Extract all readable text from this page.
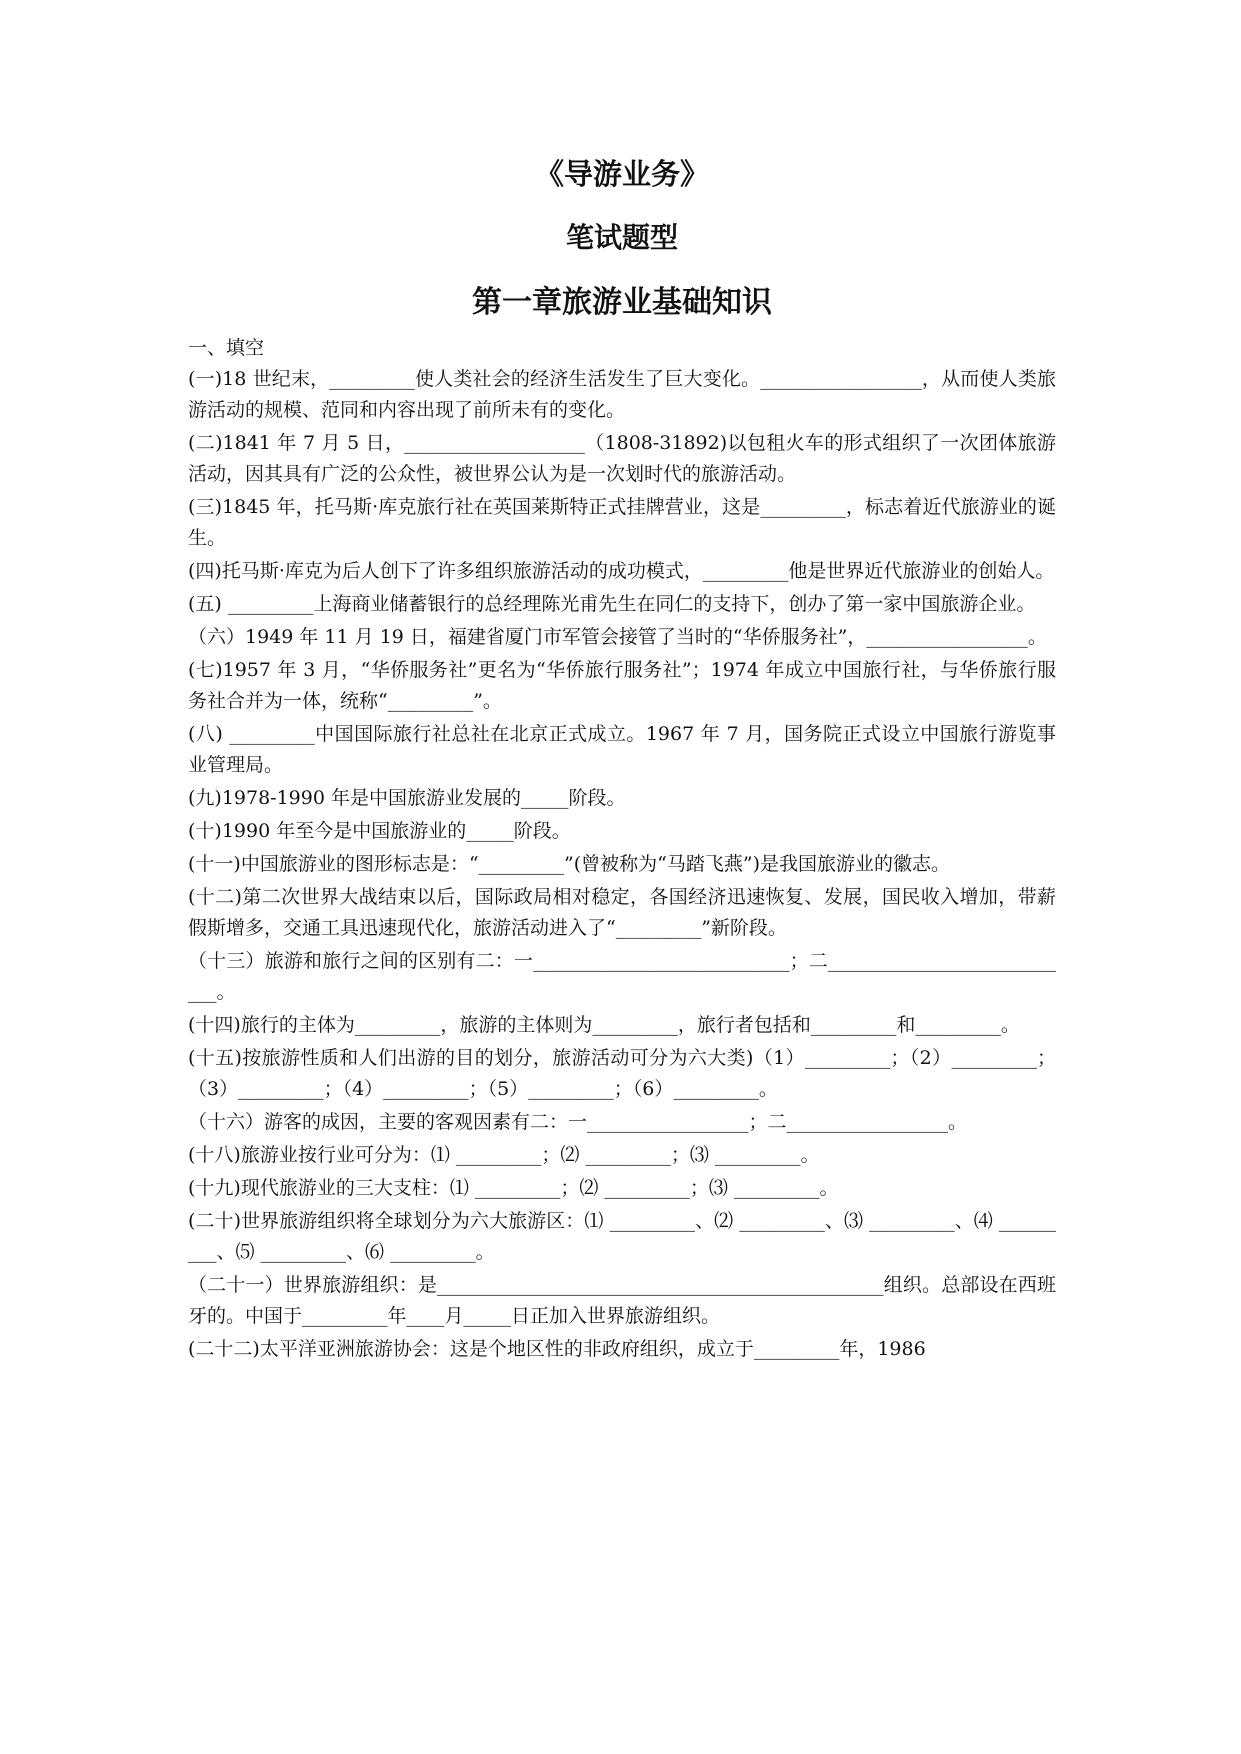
《导游业务》
笔试题型
第一章旅游业基础知识
一、填空

(一)18 世纪末，_________使人类社会的经济生活发生了巨大变化。_________________，从而使人类旅游活动的规模、范同和内容出现了前所未有的变化。

(二)1841 年 7 月 5 日，___________________（1808-31892)以包租火车的形式组织了一次团体旅游活动，因其具有广泛的公众性，被世界公认为是一次划时代的旅游活动。

(三)1845 年，托马斯·库克旅行社在英国莱斯特正式挂牌营业，这是_________，标志着近代旅游业的诞生。

(四)托马斯·库克为后人创下了许多组织旅游活动的成功模式，_________他是世界近代旅游业的创始人。

(五) _________上海商业储蓄银行的总经理陈光甫先生在同仁的支持下，创办了第一家中国旅游企业。

（六）1949 年 11 月 19 日，福建省厦门市军管会接管了当时的“华侨服务社”，_________________。

(七)1957 年 3 月，“华侨服务社”更名为“华侨旅行服务社”；1974 年成立中国旅行社，与华侨旅行服务社合并为一体，统称“_________”。

(八) _________中国国际旅行社总社在北京正式成立。1967 年 7 月，国务院正式设立中国旅行游览事业管理局。

(九)1978-1990 年是中国旅游业发展的_____阶段。

(十)1990 年至今是中国旅游业的_____阶段。

(十一)中国旅游业的图形标志是：“_________”(曾被称为“马踏飞燕”)是我国旅游业的徽志。

(十二)第二次世界大战结束以后，国际政局相对稳定，各国经济迅速恢复、发展，国民收入增加，带薪假斯增多，交通工具迅速现代化，旅游活动进入了“_________”新阶段。

（十三）旅游和旅行之间的区别有二：一___________________________；二___________________________。

(十四)旅行的主体为_________，旅游的主体则为_________，旅行者包括和_________和_________。

(十五)按旅游性质和人们出游的目的划分，旅游活动可分为六大类)（1）_________；（2）_________；（3）_________；（4）_________；（5）_________；（6）_________。

（十六）游客的成因，主要的客观因素有二：一_________________；二_________________。

(十八)旅游业按行业可分为：⑴ _________；⑵ _________；⑶ _________。

(十九)现代旅游业的三大支柱：⑴ _________；⑵ _________；⑶ _________。

(二十)世界旅游组织将全球划分为六大旅游区：⑴ _________、⑵ _________、⑶ _________、⑷ _________、⑸ _________、⑹ _________。

（二十一）世界旅游组织：是_______________________________________________组织。总部设在西班牙的。中国于_________年____月_____日正加入世界旅游组织。

(二十二)太平洋亚洲旅游协会：这是个地区性的非政府组织，成立于_________年，1986
